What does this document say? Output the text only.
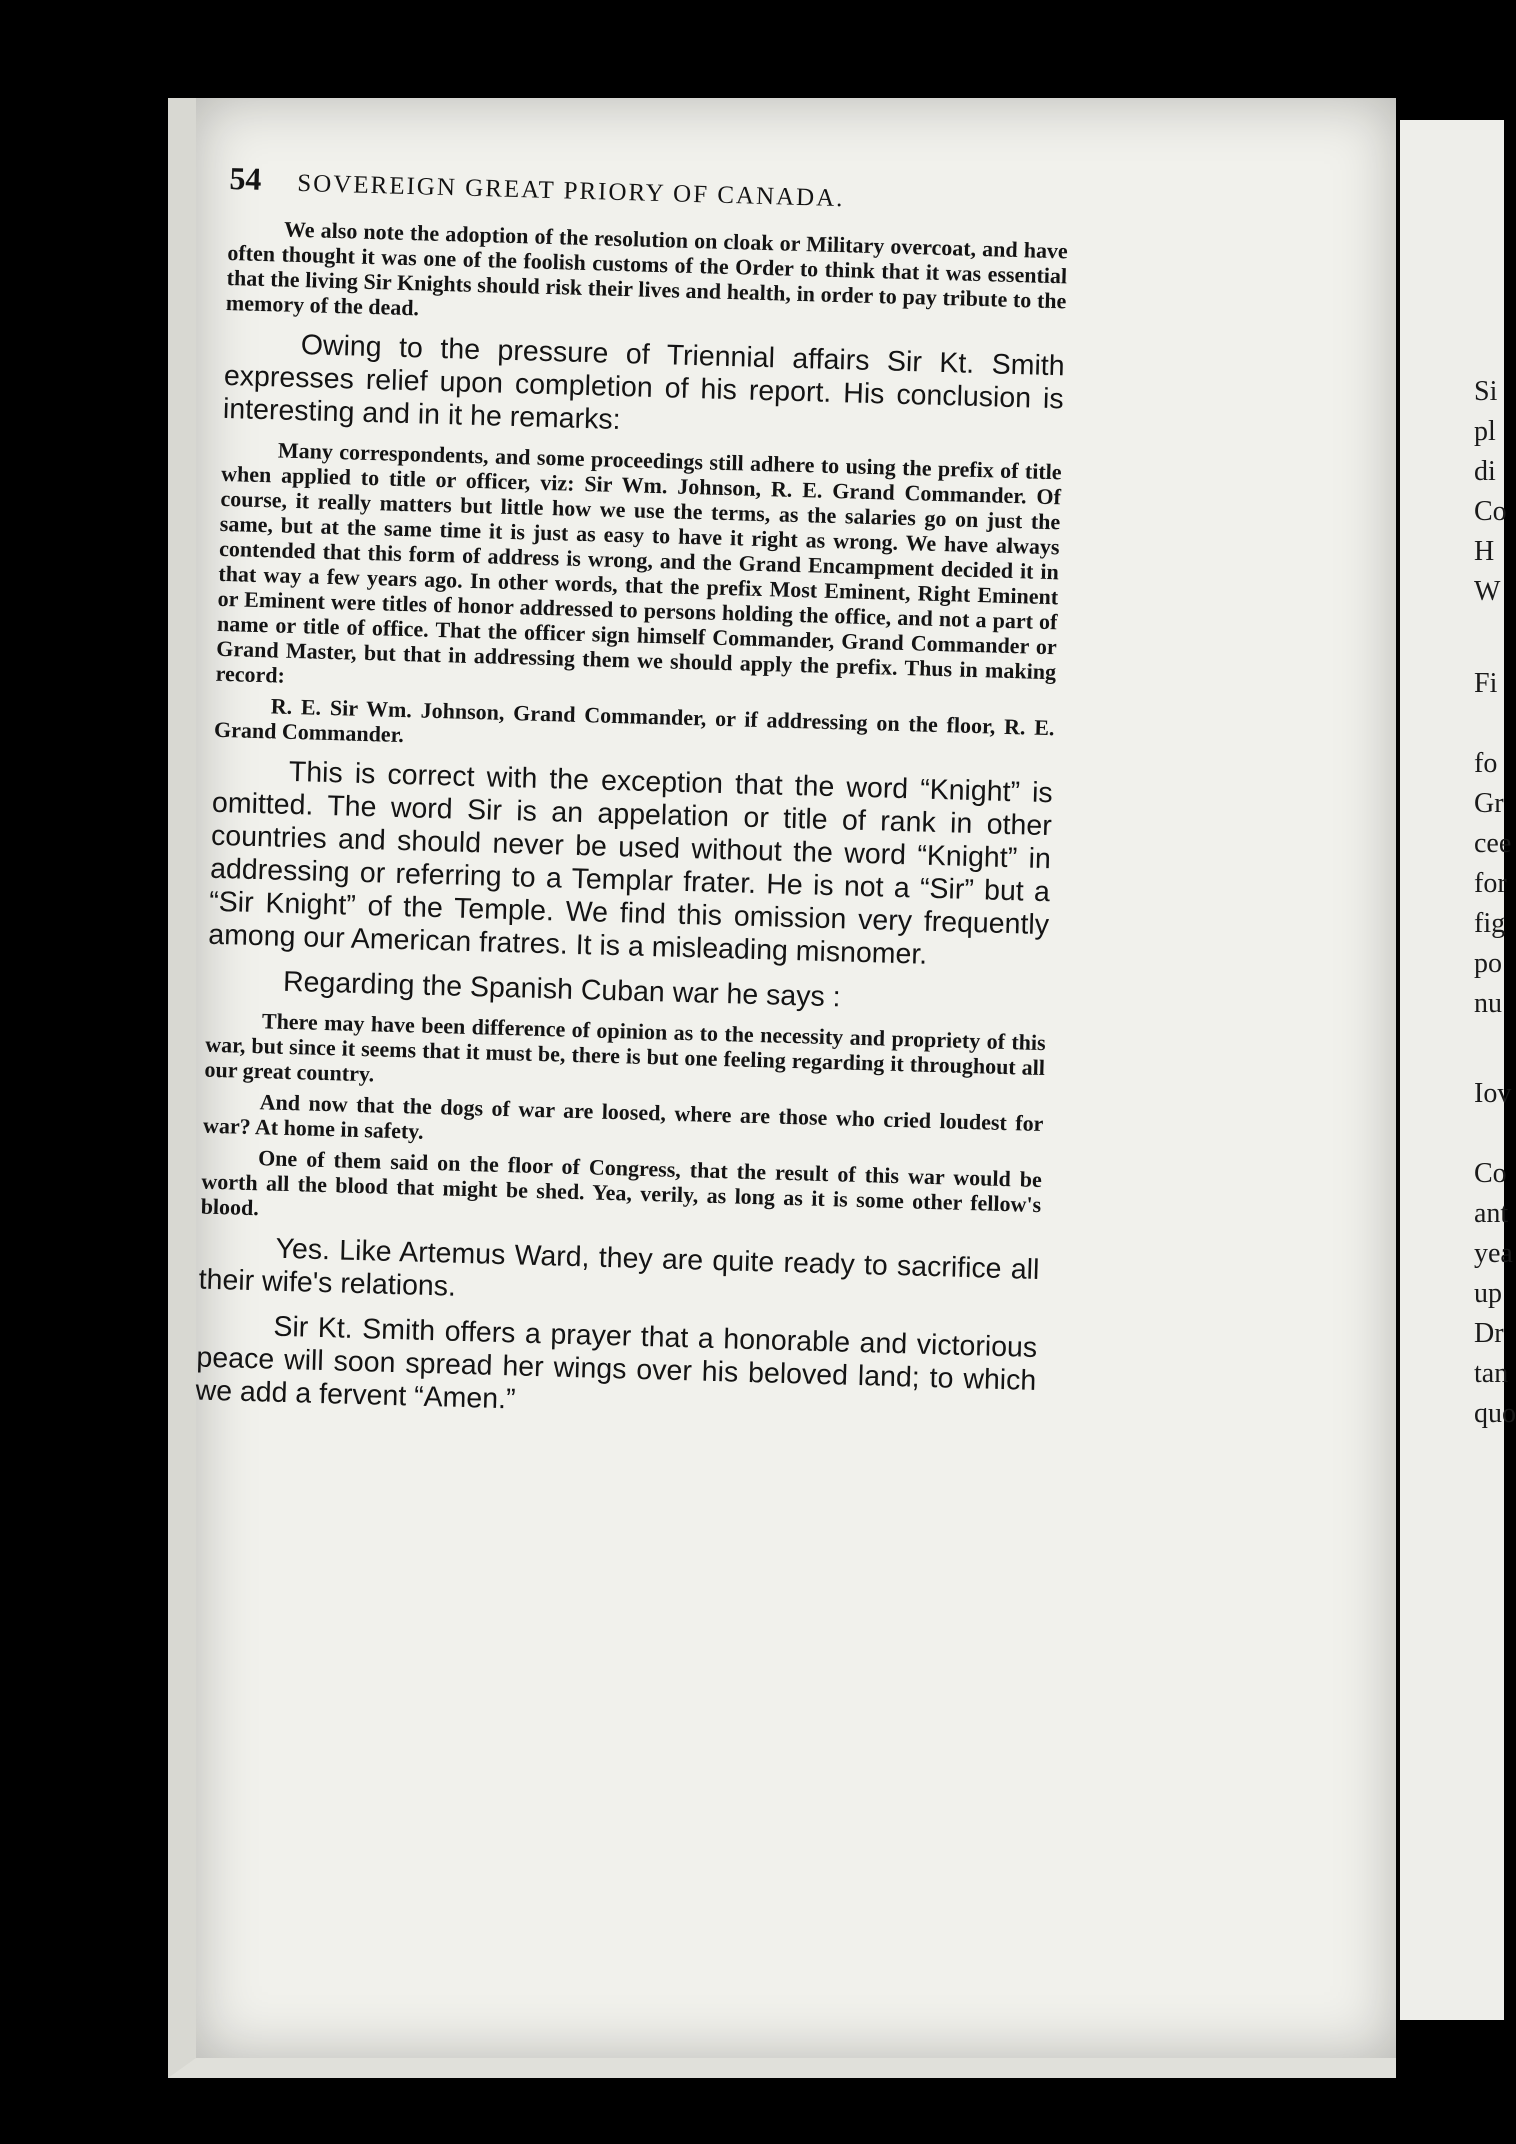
54 SOVEREIGN GREAT PRIORY OF CANADA.

We also note the adoption of the resolution on cloak or Military overcoat, and have often thought it was one of the foolish customs of the Order to think that it was essential that the living Sir Knights should risk their lives and health, in order to pay tribute to the memory of the dead.

Owing to the pressure of Triennial affairs Sir Kt. Smith expresses relief upon completion of his report. His conclusion is interesting and in it he remarks:

Many correspondents, and some proceedings still adhere to using the prefix of title when applied to title or officer, viz: Sir Wm. Johnson, R. E. Grand Commander. Of course, it really matters but little how we use the terms, as the salaries go on just the same, but at the same time it is just as easy to have it right as wrong. We have always contended that this form of address is wrong, and the Grand Encampment decided it in that way a few years ago. In other words, that the prefix Most Eminent, Right Eminent or Eminent were titles of honor addressed to persons holding the office, and not a part of name or title of office. That the officer sign himself Commander, Grand Commander or Grand Master, but that in addressing them we should apply the prefix. Thus in making record:

R. E. Sir Wm. Johnson, Grand Commander, or if addressing on the floor, R. E. Grand Commander.

This is correct with the exception that the word “Knight” is omitted. The word Sir is an appelation or title of rank in other countries and should never be used without the word “Knight” in addressing or referring to a Templar frater. He is not a “Sir” but a “Sir Knight” of the Temple. We find this omission very frequently among our American fratres. It is a misleading misnomer.

Regarding the Spanish Cuban war he says :

There may have been difference of opinion as to the necessity and propriety of this war, but since it seems that it must be, there is but one feeling regarding it throughout all our great country.

And now that the dogs of war are loosed, where are those who cried loudest for war? At home in safety.

One of them said on the floor of Congress, that the result of this war would be worth all the blood that might be shed. Yea, verily, as long as it is some other fellow's blood.

Yes. Like Artemus Ward, they are quite ready to sacrifice all their wife's relations.

Sir Kt. Smith offers a prayer that a honorable and victorious peace will soon spread her wings over his beloved land; to which we add a fervent “Amen.”

Si
pl
di
Co
H
W
Fi
fo
Gr
cee
for
fig
po
nu
Iov
Co
ant
yea
up
Dr
tan
quo
